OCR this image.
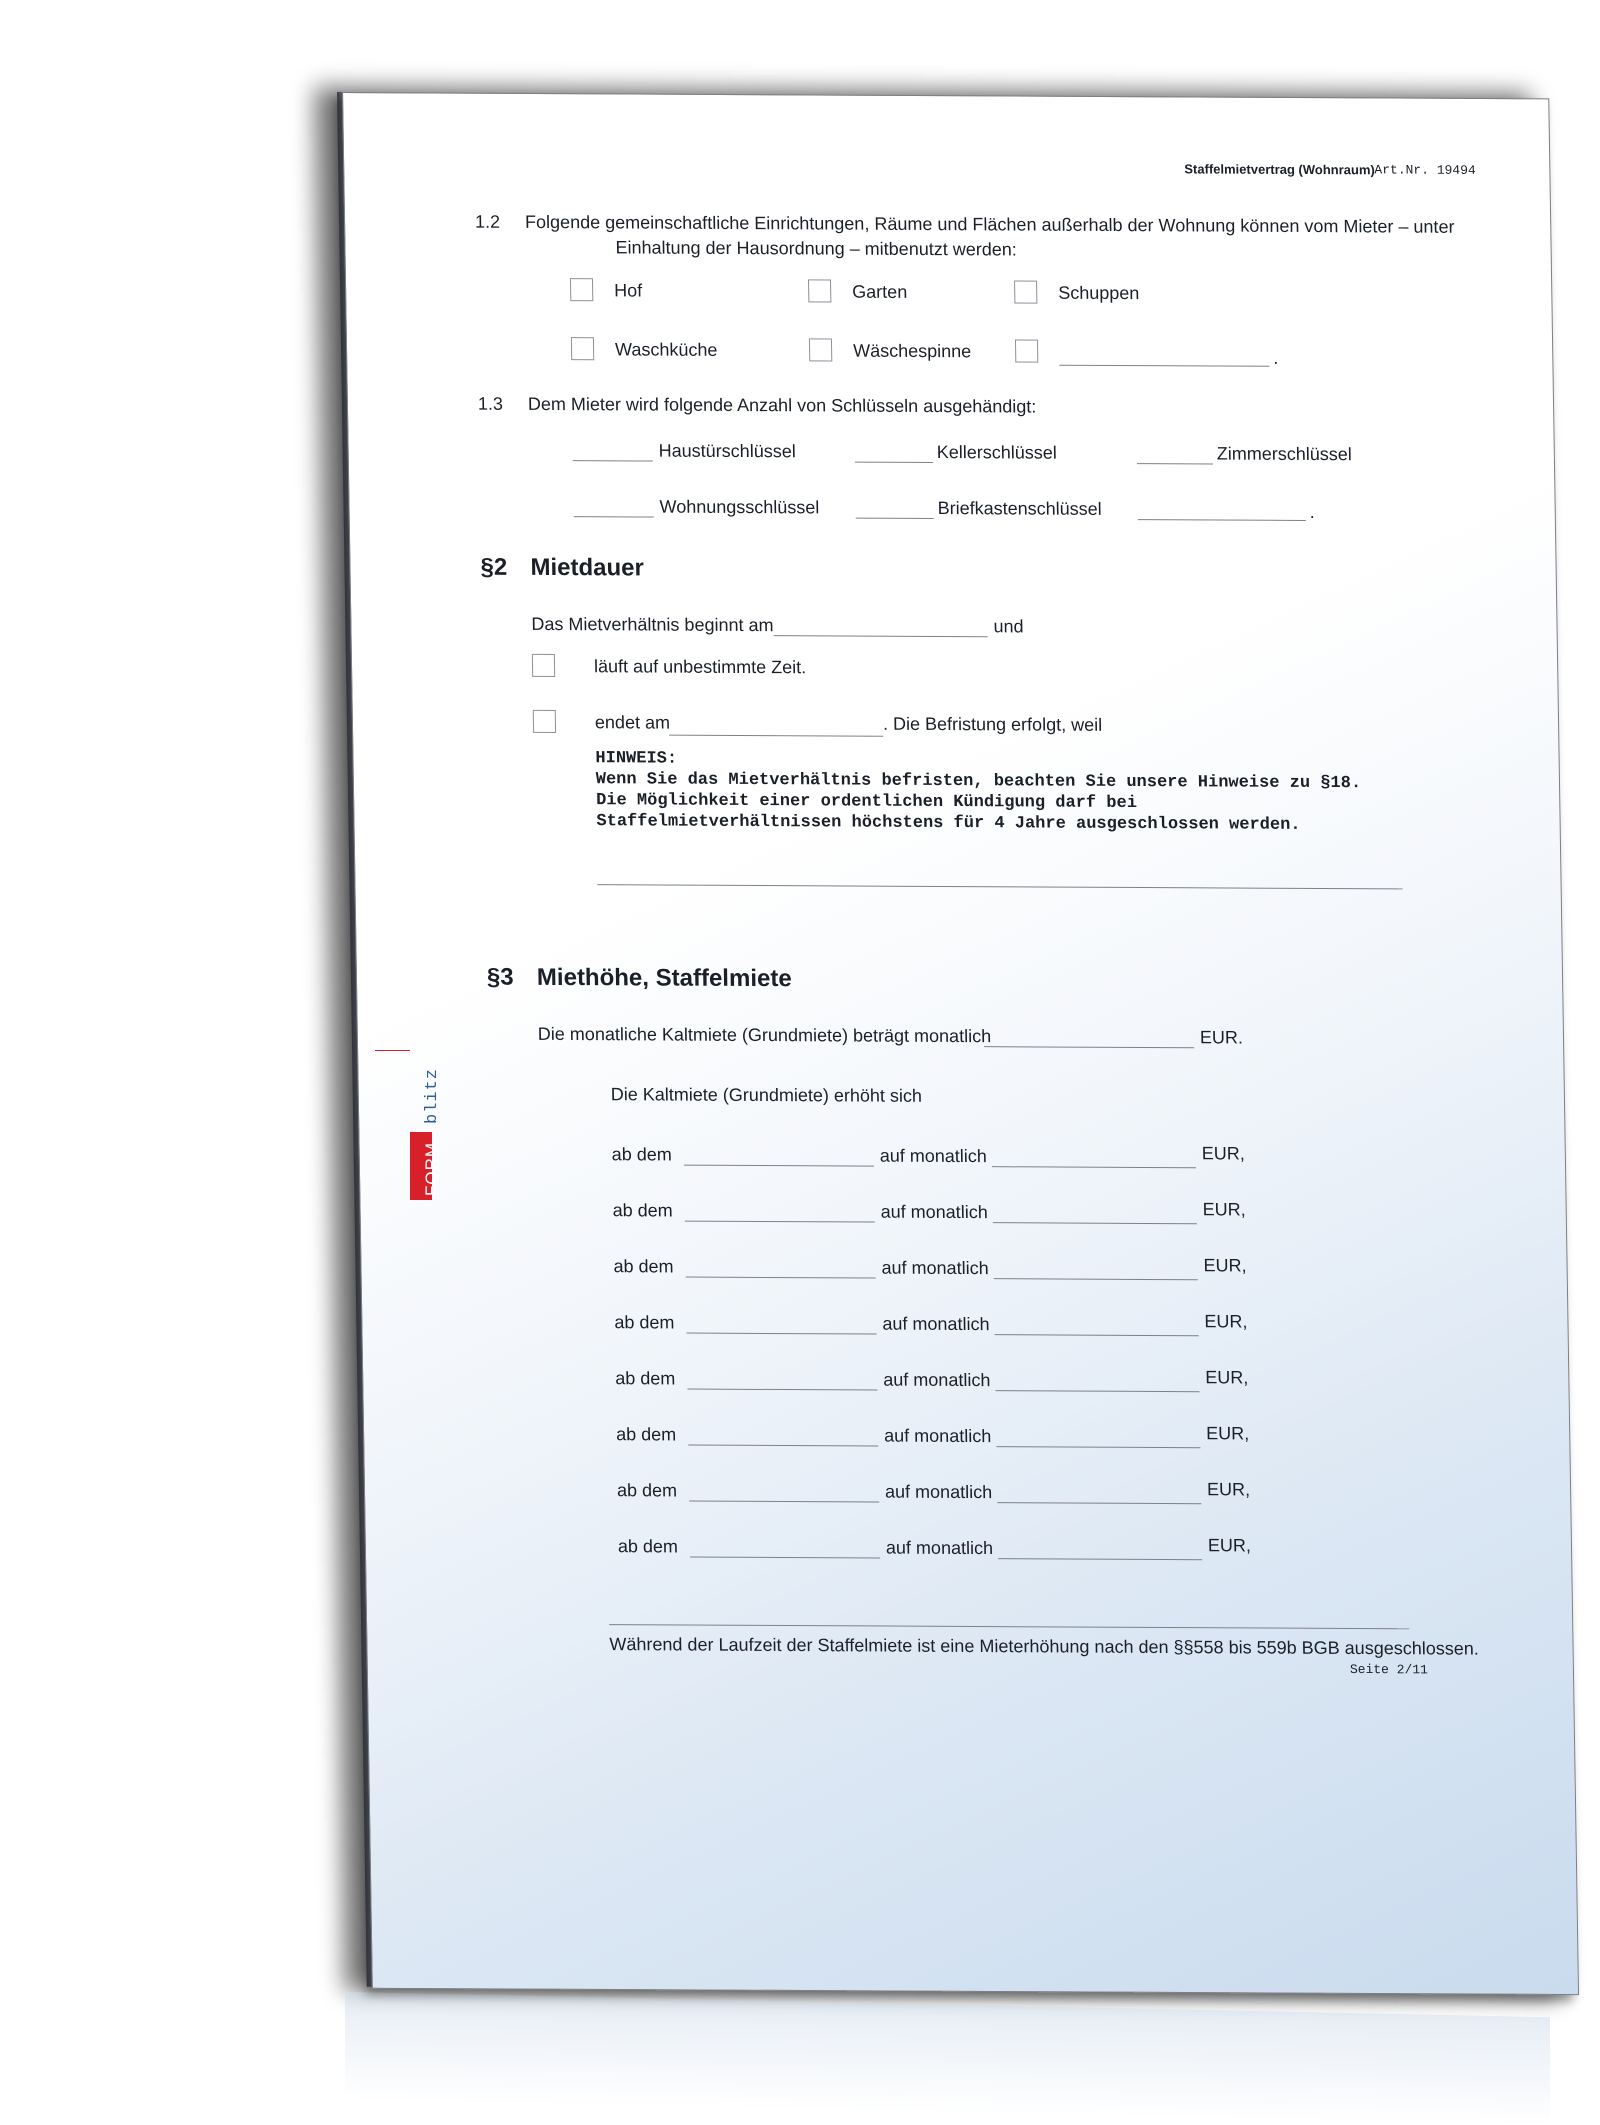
Staffelmietvertrag (Wohnraum) Art.Nr. 19494
1.2 Folgende gemeinschaftliche Einrichtungen, Räume und Flächen außerhalb der Wohnung können vom Mieter – unter
Einhaltung der Hausordnung – mitbenutzt werden:
Hof	Garten	Schuppen
Waschküche	Wäschespinne	.
1.3 Dem Mieter wird folgende Anzahl von Schlüsseln ausgehändigt:
Haustürschlüssel	Kellerschlüssel	Zimmerschlüssel
Wohnungsschlüssel	Briefkastenschlüssel	.
§2 Mietdauer
Das Mietverhältnis beginnt am	und
läuft auf unbestimmte Zeit.
endet am	. Die Befristung erfolgt, weil
HINWEIS:
Wenn Sie das Mietverhältnis befristen, beachten Sie unsere Hinweise zu §18.
Die Möglichkeit einer ordentlichen Kündigung darf bei
Staffelmietverhältnissen höchstens für 4 Jahre ausgeschlossen werden.
§3 Miethöhe, Staffelmiete
Die monatliche Kaltmiete (Grundmiete) beträgt monatlich	EUR.
Die Kaltmiete (Grundmiete) erhöht sich
ab dem	auf monatlich	EUR,
ab dem	auf monatlich	EUR,
ab dem	auf monatlich	EUR,
ab dem	auf monatlich	EUR,
ab dem	auf monatlich	EUR,
ab dem	auf monatlich	EUR,
ab dem	auf monatlich	EUR,
ab dem	auf monatlich	EUR,
Während der Laufzeit der Staffelmiete ist eine Mieterhöhung nach den §§558 bis 559b BGB ausgeschlossen.
Seite 2/11
FORM
blitz
